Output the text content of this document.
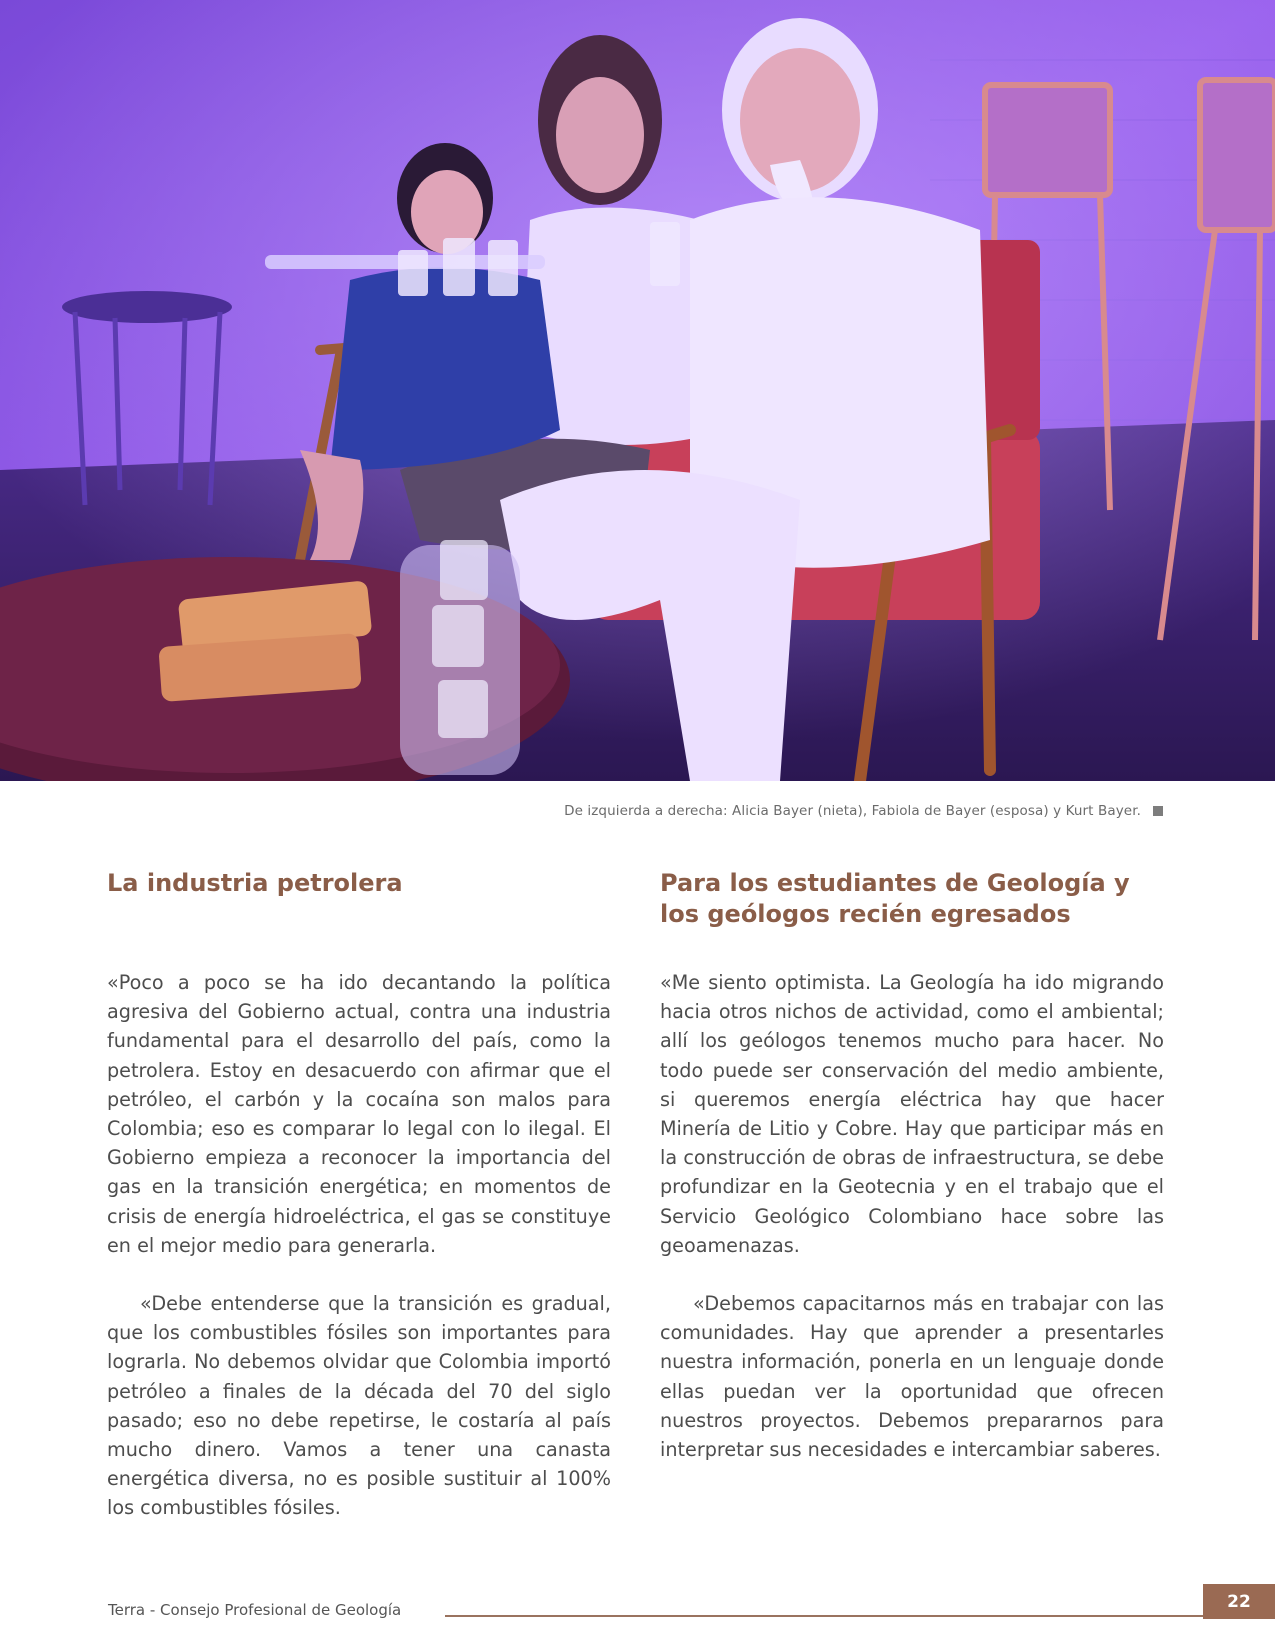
De izquierda a derecha: Alicia Bayer (nieta), Fabiola de Bayer (esposa) y Kurt Bayer.
La industria petrolera

«Poco a poco se ha ido decantando la política agresiva del Gobierno actual, contra una industria fundamental para el desarrollo del país, como la petrolera. Estoy en desacuerdo con afirmar que el petróleo, el carbón y la cocaína son malos para Colombia; eso es comparar lo legal con lo ilegal. El Gobierno empieza a reconocer la importancia del gas en la transición energética; en momentos de crisis de energía hidroeléctrica, el gas se constituye en el mejor medio para generarla.

«Debe entenderse que la transición es gradual, que los combustibles fósiles son importantes para lograrla. No debemos olvidar que Colombia importó petróleo a finales de la década del 70 del siglo pasado; eso no debe repetirse, le costaría al país mucho dinero. Vamos a tener una canasta energética diversa, no es posible sustituir al 100% los combustibles fósiles.

Para los estudiantes de Geología y los geólogos recién egresados

«Me siento optimista. La Geología ha ido migrando hacia otros nichos de actividad, como el ambiental; allí los geólogos tenemos mucho para hacer. No todo puede ser conservación del medio ambiente, si queremos energía eléctrica hay que hacer Minería de Litio y Cobre. Hay que participar más en la construcción de obras de infraestructura, se debe profundizar en la Geotecnia y en el trabajo que el Servicio Geológico Colombiano hace sobre las geoamenazas.

«Debemos capacitarnos más en trabajar con las comunidades. Hay que aprender a presentarles nuestra información, ponerla en un lenguaje donde ellas puedan ver la oportunidad que ofrecen nuestros proyectos. Debemos prepararnos para interpretar sus necesidades e intercambiar saberes.

Terra - Consejo Profesional de Geología	22
